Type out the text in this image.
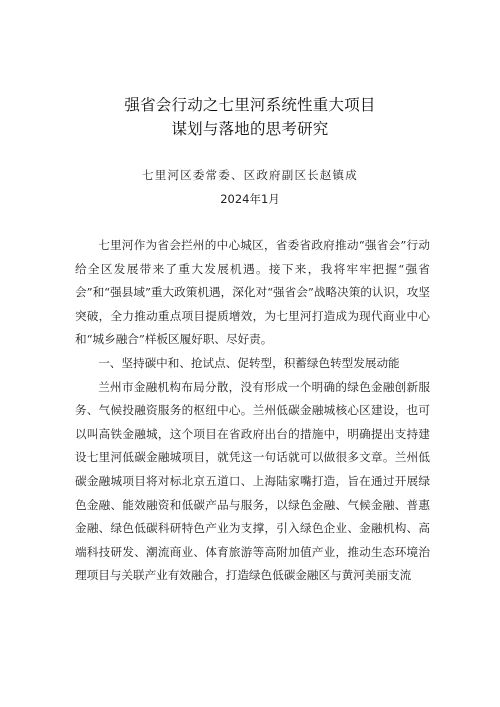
强省会行动之七里河系统性重大项目
谋划与落地的思考研究
七里河区委常委、区政府副区长赵镇成
2024年1月

七里河作为省会拦州的中心城区，省委省政府推动“强省会”行动给全区发展带来了重大发展机遇。接下来，我将牢牢把握“强省会”和“强县域”重大政策机遇，深化对“强省会”战略决策的认识，攻坚突破，全力推动重点项目提质增效，为七里河打造成为现代商业中心和“城乡融合”样板区履好职、尽好责。

一、坚持碳中和、抢试点、促转型，积蓄绿色转型发展动能

兰州市金融机构布局分散，没有形成一个明确的绿色金融创新服务、气候投融资服务的枢纽中心。兰州低碳金融城核心区建设，也可以叫高铁金融城，这个项目在省政府出台的措施中，明确提出支持建设七里河低碳金融城项目，就凭这一句话就可以做很多文章。兰州低碳金融城项目将对标北京五道口、上海陆家嘴打造，旨在通过开展绿色金融、能效融资和低碳产品与服务，以绿色金融、气候金融、普惠金融、绿色低碳科研特色产业为支撑，引入绿色企业、金融机构、高端科技研发、潮流商业、体育旅游等高附加值产业，推动生态环境治理项目与关联产业有效融合，打造绿色低碳金融区与黄河美丽支流
